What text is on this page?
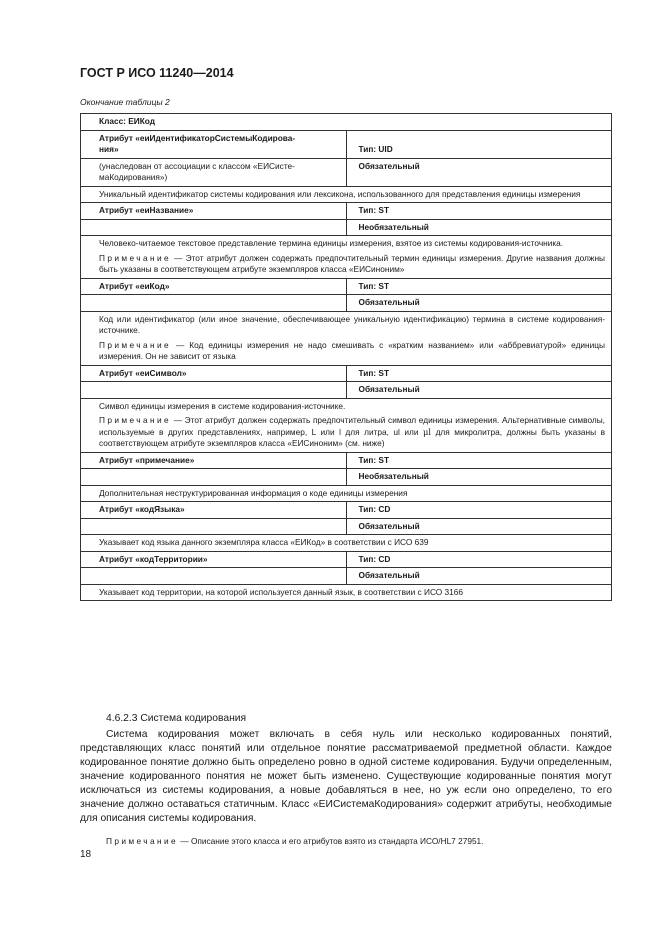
ГОСТ Р ИСО 11240—2014
Окончание таблицы 2
Класс: ЕИКод	
Атрибут «еиИдентификаторСистемыКодирова-
ния»	Тип: UID
(унаследован от ассоциации с классом «ЕИСисте-
маКодирования»)	Обязательный
Уникальный идентификатор системы кодирования или лексикона, использованного для представления единицы измерения	
Атрибут «еиНазвание»	Тип: ST
	Необязательный

Человеко-читаемое текстовое представление термина единицы измерения, взятое из системы кодирования-источника.

Примечание — Этот атрибут должен содержать предпочтительный термин единицы измерения. Другие названия должны быть указаны в соответствующем атрибуте экземпляров класса «ЕИСиноним»	

Атрибут «еиКод»	Тип: ST
	Обязательный

Код или идентификатор (или иное значение, обеспечивающее уникальную идентификацию) термина в системе кодирования-источнике.

Примечание — Код единицы измерения не надо смешивать с «кратким названием» или «аббревиатурой» единицы измерения. Он не зависит от языка	

Атрибут «еиСимвол»	Тип: ST
	Обязательный

Символ единицы измерения в системе кодирования-источнике.

Примечание — Этот атрибут должен содержать предпочтительный символ единицы измерения. Альтернативные символы, используемые в других представлениях, например, L или l для литра, ul или μl для микролитра, должны быть указаны в соответствующем атрибуте экземпляров класса «ЕИСиноним» (см. ниже)	

Атрибут «примечание»	Тип: ST
	Необязательный
Дополнительная неструктурированная информация о коде единицы измерения	
Атрибут «кодЯзыка»	Тип: CD
	Обязательный
Указывает код языка данного экземпляра класса «ЕИКод» в соответствии с ИСО 639	
Атрибут «кодТерритории»	Тип: CD
	Обязательный
Указывает код территории, на которой используется данный язык, в соответствии с ИСО 3166	

4.6.2.3 Система кодирования

Система кодирования может включать в себя нуль или несколько кодированных понятий, представляющих класс понятий или отдельное понятие рассматриваемой предметной области. Каждое кодированное понятие должно быть определено ровно в одной системе кодирования. Будучи определенным, значение кодированного понятия не может быть изменено. Существующие кодированные понятия могут исключаться из системы кодирования, а новые добавляться в нее, но уж если оно определено, то его значение должно оставаться статичным. Класс «ЕИСистемаКодирования» содержит атрибуты, необходимые для описания системы кодирования.

Примечание — Описание этого класса и его атрибутов взято из стандарта ИСО/HL7 27951.

18
